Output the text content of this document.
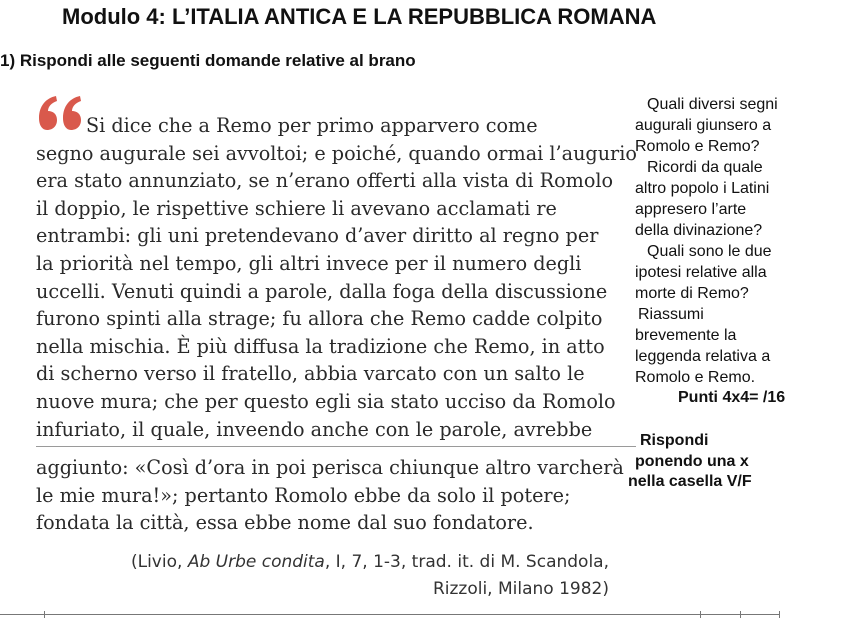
Modulo 4: L’ITALIA ANTICA E LA REPUBBLICA ROMANA
1) Rispondi alle seguenti domande relative al brano
Si dice che a Remo per primo apparvero come
segno augurale sei avvoltoi; e poiché, quando ormai l’augurio
era stato annunziato, se n’erano offerti alla vista di Romolo
il doppio, le rispettive schiere li avevano acclamati re
entrambi: gli uni pretendevano d’aver diritto al regno per
la priorità nel tempo, gli altri invece per il numero degli
uccelli. Venuti quindi a parole, dalla foga della discussione
furono spinti alla strage; fu allora che Remo cadde colpito
nella mischia. È più diffusa la tradizione che Remo, in atto
di scherno verso il fratello, abbia varcato con un salto le
nuove mura; che per questo egli sia stato ucciso da Romolo
infuriato, il quale, inveendo anche con le parole, avrebbe
aggiunto: «Così d’ora in poi perisca chiunque altro varcherà
le mie mura!»; pertanto Romolo ebbe da solo il potere;
fondata la città, essa ebbe nome dal suo fondatore.
(Livio, Ab Urbe condita, I, 7, 1-3, trad. it. di M. Scandola,
Rizzoli, Milano 1982)
Quali diversi segni
augurali giunsero a
Romolo e Remo?
Ricordi da quale
altro popolo i Latini
appresero l’arte
della divinazione?
Quali sono le due
ipotesi relative alla
morte di Remo?
Riassumi
brevemente la
leggenda relativa a
Romolo e Remo.
Punti 4x4= /16
Rispondi
ponendo una x
nella casella V/F
